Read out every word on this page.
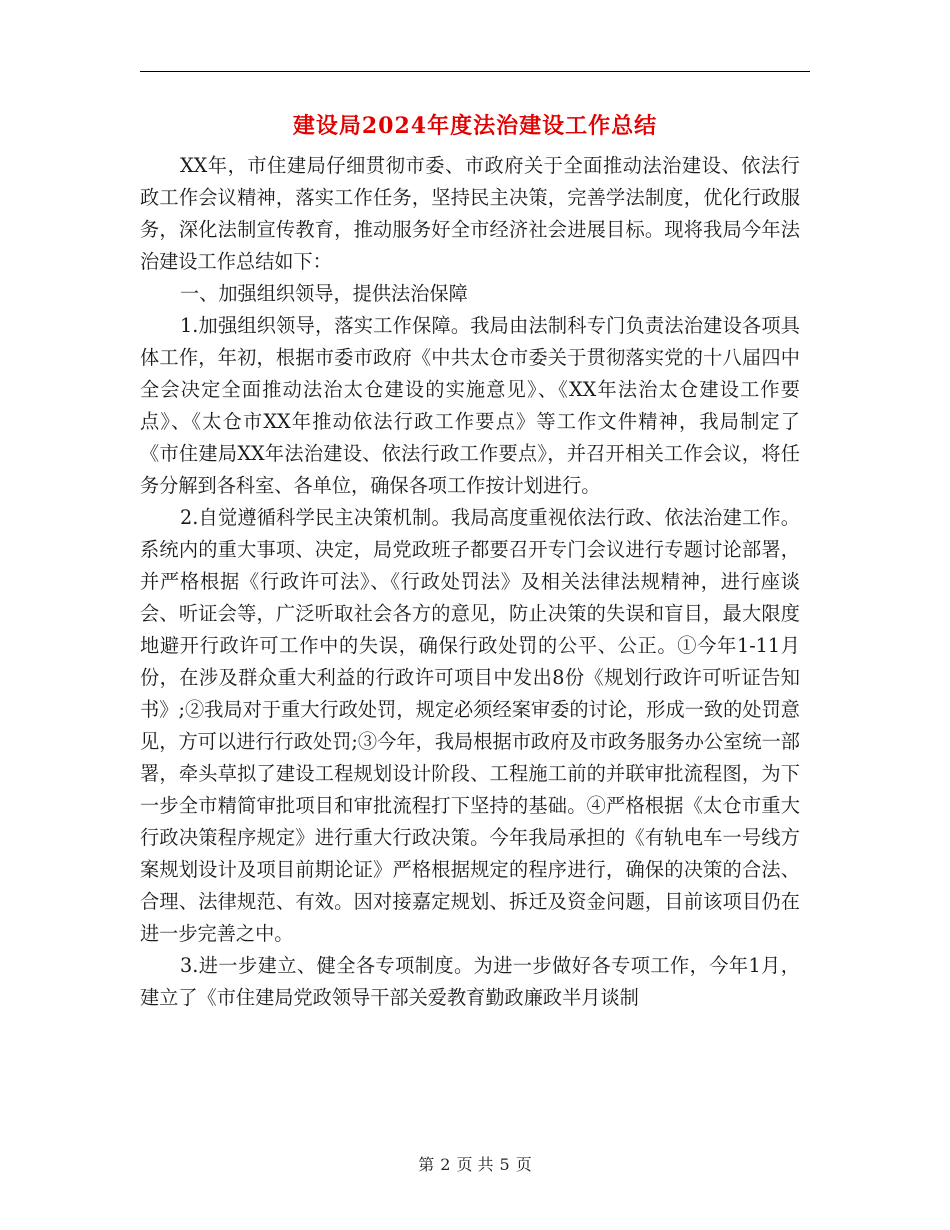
建设局2024年度法治建设工作总结

XX年，市住建局仔细贯彻市委、市政府关于全面推动法治建设、依法行政工作会议精神，落实工作任务，坚持民主决策，完善学法制度，优化行政服务，深化法制宣传教育，推动服务好全市经济社会进展目标。现将我局今年法治建设工作总结如下：

一、加强组织领导，提供法治保障

1.加强组织领导，落实工作保障。我局由法制科专门负责法治建设各项具体工作，年初，根据市委市政府《中共太仓市委关于贯彻落实党的十八届四中全会决定全面推动法治太仓建设的实施意见》、《XX年法治太仓建设工作要点》、《太仓市XX年推动依法行政工作要点》等工作文件精神，我局制定了《市住建局XX年法治建设、依法行政工作要点》，并召开相关工作会议，将任务分解到各科室、各单位，确保各项工作按计划进行。

2.自觉遵循科学民主决策机制。我局高度重视依法行政、依法治建工作。系统内的重大事项、决定，局党政班子都要召开专门会议进行专题讨论部署，并严格根据《行政许可法》、《行政处罚法》及相关法律法规精神，进行座谈会、听证会等，广泛听取社会各方的意见，防止决策的失误和盲目，最大限度地避开行政许可工作中的失误，确保行政处罚的公平、公正。①今年1-11月份，在涉及群众重大利益的行政许可项目中发出8份《规划行政许可听证告知书》;②我局对于重大行政处罚，规定必须经案审委的讨论，形成一致的处罚意见，方可以进行行政处罚;③今年，我局根据市政府及市政务服务办公室统一部署，牵头草拟了建设工程规划设计阶段、工程施工前的并联审批流程图，为下一步全市精简审批项目和审批流程打下坚持的基础。④严格根据《太仓市重大行政决策程序规定》进行重大行政决策。今年我局承担的《有轨电车一号线方案规划设计及项目前期论证》严格根据规定的程序进行，确保的决策的合法、合理、法律规范、有效。因对接嘉定规划、拆迁及资金问题，目前该项目仍在进一步完善之中。

3.进一步建立、健全各专项制度。为进一步做好各专项工作，今年1月，建立了《市住建局党政领导干部关爱教育勤政廉政半月谈制

第 2 页 共 5 页
